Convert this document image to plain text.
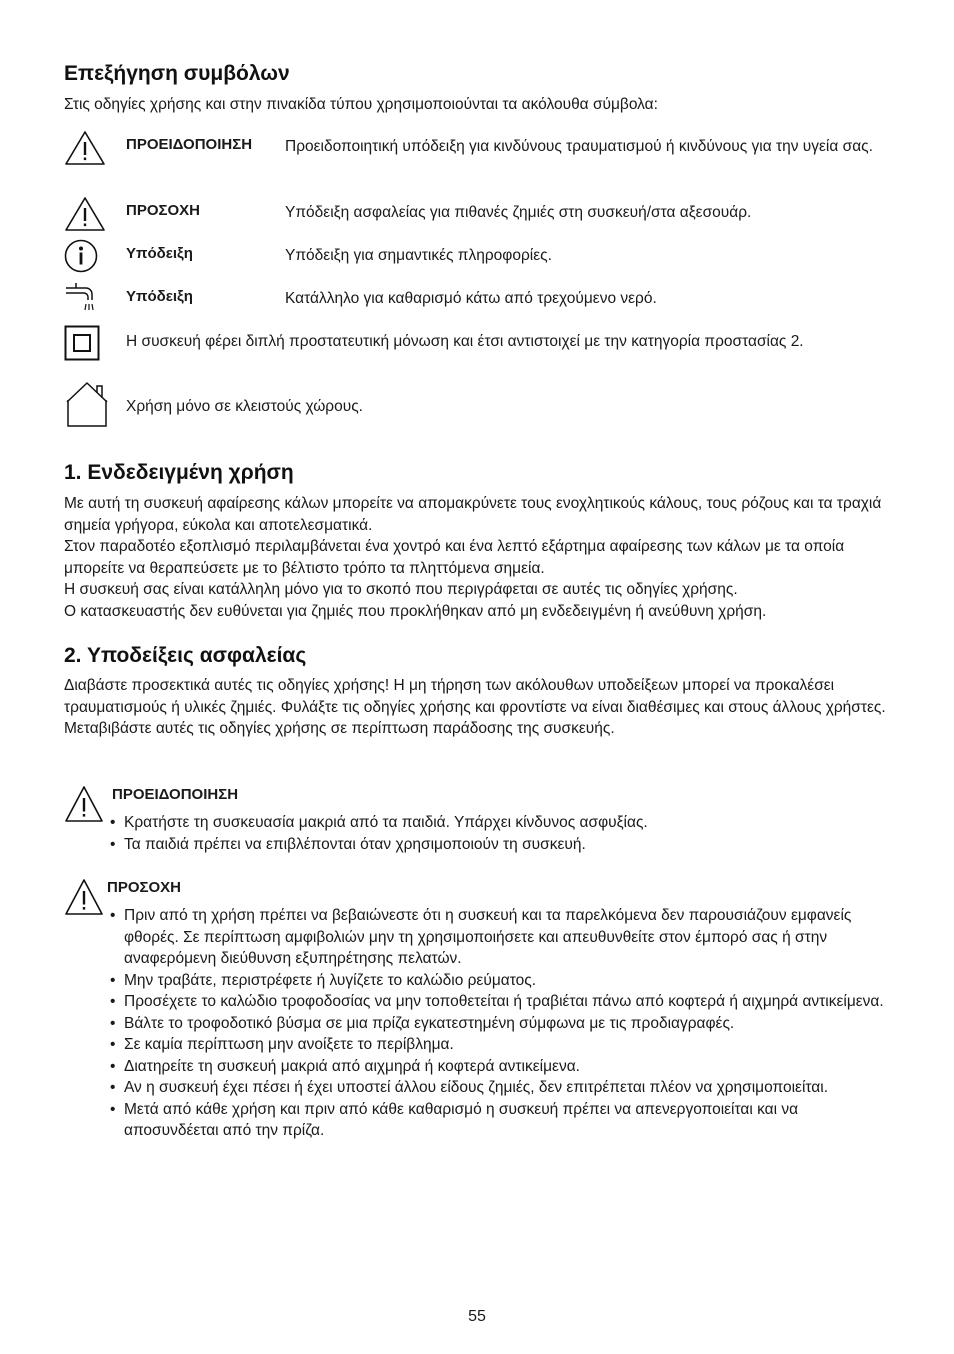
Επεξήγηση συμβόλων

Στις οδηγίες χρήσης και στην πινακίδα τύπου χρησιμοποιούνται τα ακόλουθα σύμβολα:

ΠΡΟΕΙΔΟΠΟΙΗΣΗ Προειδοποιητική υπόδειξη για κινδύνους τραυματισμού ή κινδύνους για την υγεία σας.
ΠΡΟΣΟΧΗ	Υπόδειξη ασφαλείας για πιθανές ζημιές στη συσκευή/στα αξεσουάρ.
Υπόδειξη	Υπόδειξη για σημαντικές πληροφορίες.
Υπόδειξη	Κατάλληλο για καθαρισμό κάτω από τρεχούμενο νερό.
Η συσκευή φέρει διπλή προστατευτική μόνωση και έτσι αντιστοιχεί με την κατηγορία προστασίας 2.
Χρήση μόνο σε κλειστούς χώρους.
1. Ενδεδειγμένη χρήση
Με αυτή τη συσκευή αφαίρεσης κάλων μπορείτε να απομακρύνετε τους ενοχλητικούς κάλους, τους ρόζους και τα τραχιά σημεία γρήγορα, εύκολα και αποτελεσματικά.
Στον παραδοτέο εξοπλισμό περιλαμβάνεται ένα χοντρό και ένα λεπτό εξάρτημα αφαίρεσης των κάλων με τα οποία μπορείτε να θεραπεύσετε με το βέλτιστο τρόπο τα πληττόμενα σημεία.
Η συσκευή σας είναι κατάλληλη μόνο για το σκοπό που περιγράφεται σε αυτές τις οδηγίες χρήσης.
Ο κατασκευαστής δεν ευθύνεται για ζημιές που προκλήθηκαν από μη ενδεδειγμένη ή ανεύθυνη χρήση.
2. Υποδείξεις ασφαλείας

Διαβάστε προσεκτικά αυτές τις οδηγίες χρήσης! Η μη τήρηση των ακόλουθων υποδείξεων μπορεί να προκαλέσει τραυματισμούς ή υλικές ζημιές. Φυλάξτε τις οδηγίες χρήσης και φροντίστε να είναι διαθέσιμες και στους άλλους χρήστες. Μεταβιβάστε αυτές τις οδηγίες χρήσης σε περίπτωση παράδοσης της συσκευής.

ΠΡΟΕΙΔΟΠΟΙΗΣΗ
• Κρατήστε τη συσκευασία μακριά από τα παιδιά. Υπάρχει κίνδυνος ασφυξίας.
• Τα παιδιά πρέπει να επιβλέπονται όταν χρησιμοποιούν τη συσκευή.
ΠΡΟΣΟΧΗ
• Πριν από τη χρήση πρέπει να βεβαιώνεστε ότι η συσκευή και τα παρελκόμενα δεν παρουσιάζουν εμφανείς φθορές. Σε περίπτωση αμφιβολιών μην τη χρησιμοποιήσετε και απευθυνθείτε στον έμπορό σας ή στην αναφερόμενη διεύθυνση εξυπηρέτησης πελατών.
• Μην τραβάτε, περιστρέφετε ή λυγίζετε το καλώδιο ρεύματος.
• Προσέχετε το καλώδιο τροφοδοσίας να μην τοποθετείται ή τραβιέται πάνω από κοφτερά ή αιχμηρά αντικείμενα.
• Βάλτε το τροφοδοτικό βύσμα σε μια πρίζα εγκατεστημένη σύμφωνα με τις προδιαγραφές.
• Σε καμία περίπτωση μην ανοίξετε το περίβλημα.
• Διατηρείτε τη συσκευή μακριά από αιχμηρά ή κοφτερά αντικείμενα.
• Αν η συσκευή έχει πέσει ή έχει υποστεί άλλου είδους ζημιές, δεν επιτρέπεται πλέον να χρησιμοποιείται.
• Μετά από κάθε χρήση και πριν από κάθε καθαρισμό η συσκευή πρέπει να απενεργοποιείται και να αποσυνδέεται από την πρίζα.
55
